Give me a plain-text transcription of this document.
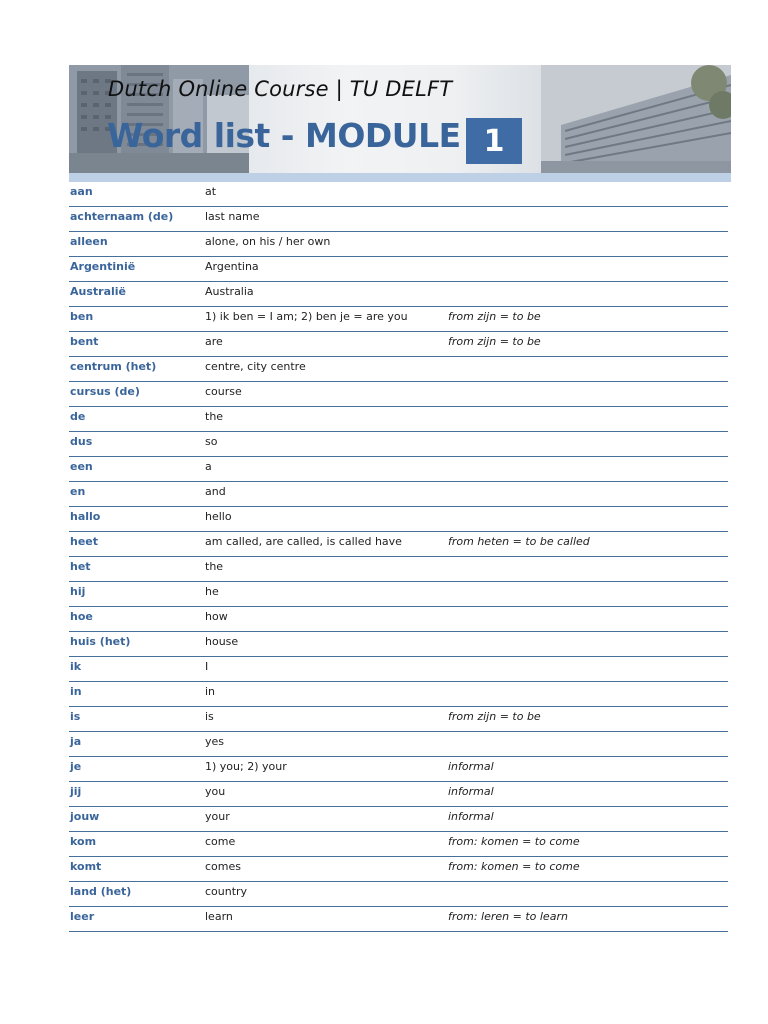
Dutch Online Course | TU DELFT
Word list - MODULE 1
aan	at
achternaam (de)	last name
alleen	alone, on his / her own
Argentinië	Argentina
Australië	Australia
ben	1) ik ben = I am; 2) ben je = are you	from zijn = to be
bent	are	from zijn = to be
centrum (het)	centre, city centre
cursus (de)	course
de	the
dus	so
een	a
en	and
hallo	hello
heet	am called, are called, is called have	from heten = to be called
het	the
hij	he
hoe	how
huis (het)	house
ik	I
in	in
is	is	from zijn = to be
ja	yes
je	1) you; 2) your	informal
jij	you	informal
jouw	your	informal
kom	come	from: komen = to come
komt	comes	from: komen = to come
land (het)	country
leer	learn	from: leren = to learn
